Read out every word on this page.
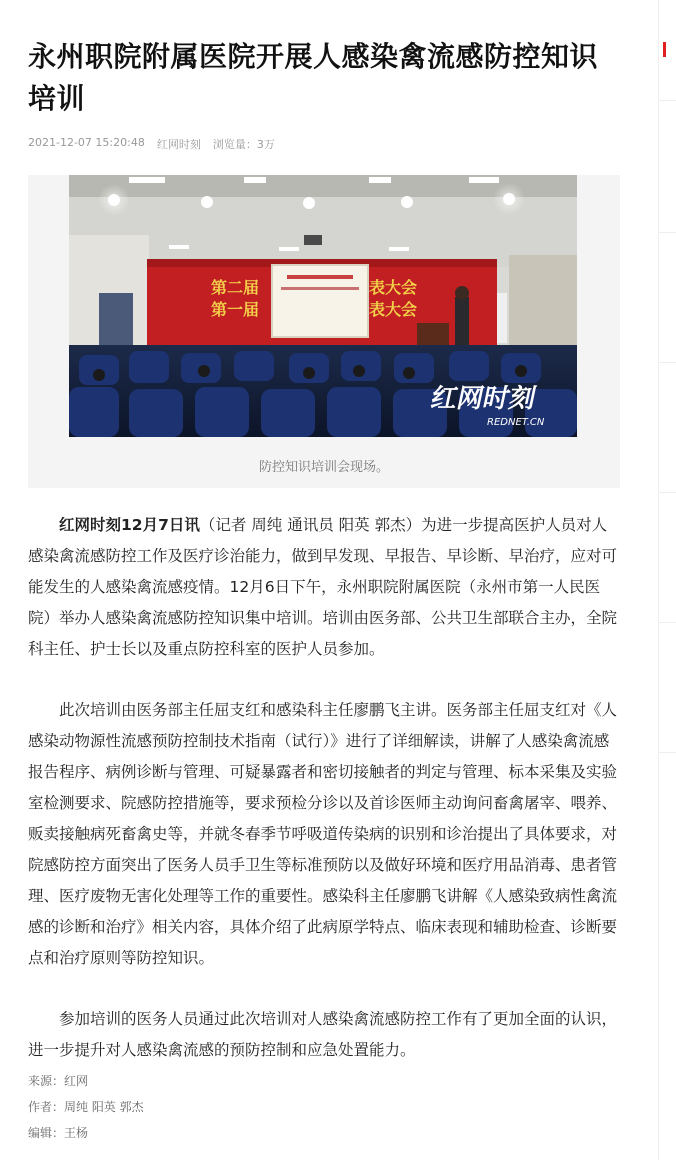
永州职院附属医院开展人感染禽流感防控知识培训
2021-12-07 15:20:48 红网时刻 浏览量：3万
第二届
第一届
表大会
表大会
红网时刻
REDNET.CN
防控知识培训会现场。

红网时刻12月7日讯（记者 周纯 通讯员 阳英 郭杰）为进一步提高医护人员对人感染禽流感防控工作及医疗诊治能力，做到早发现、早报告、早诊断、早治疗，应对可能发生的人感染禽流感疫情。12月6日下午，永州职院附属医院（永州市第一人民医院）举办人感染禽流感防控知识集中培训。培训由医务部、公共卫生部联合主办，全院科主任、护士长以及重点防控科室的医护人员参加。

此次培训由医务部主任屈支红和感染科主任廖鹏飞主讲。医务部主任屈支红对《人感染动物源性流感预防控制技术指南（试行）》进行了详细解读，讲解了人感染禽流感报告程序、病例诊断与管理、可疑暴露者和密切接触者的判定与管理、标本采集及实验室检测要求、院感防控措施等，要求预检分诊以及首诊医师主动询问畜禽屠宰、喂养、贩卖接触病死畜禽史等，并就冬春季节呼吸道传染病的识别和诊治提出了具体要求，对院感防控方面突出了医务人员手卫生等标准预防以及做好环境和医疗用品消毒、患者管理、医疗废物无害化处理等工作的重要性。感染科主任廖鹏飞讲解《人感染致病性禽流感的诊断和治疗》相关内容，具体介绍了此病原学特点、临床表现和辅助检查、诊断要点和治疗原则等防控知识。

参加培训的医务人员通过此次培训对人感染禽流感防控工作有了更加全面的认识，进一步提升对人感染禽流感的预防控制和应急处置能力。

来源：红网
作者：周纯 阳英 郭杰
编辑：王杨
